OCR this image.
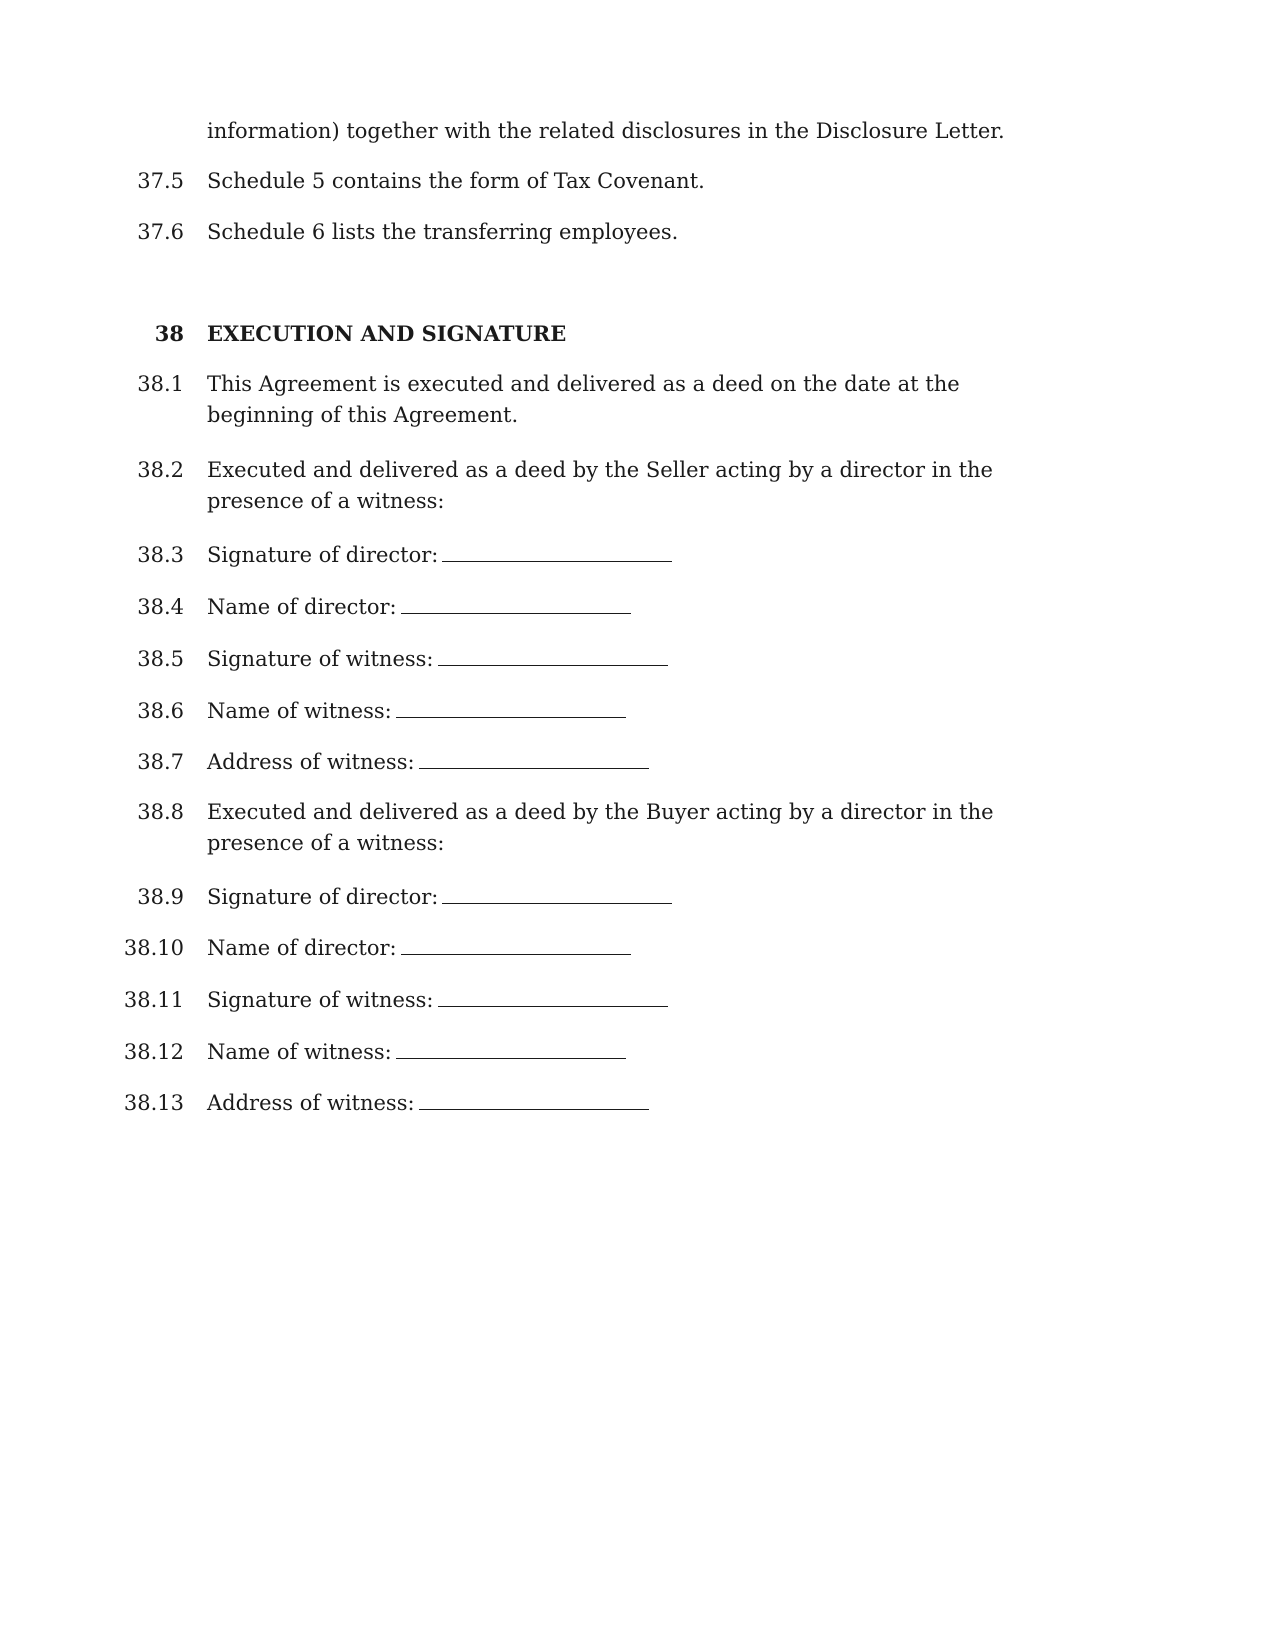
information) together with the related disclosures in the Disclosure Letter.
37.5 Schedule 5 contains the form of Tax Covenant.
37.6 Schedule 6 lists the transferring employees.
38 EXECUTION AND SIGNATURE
38.1 This Agreement is executed and delivered as a deed on the date at the beginning of this Agreement.
38.2 Executed and delivered as a deed by the Seller acting by a director in the presence of a witness:
38.3 Signature of director:
38.4 Name of director:
38.5 Signature of witness:
38.6 Name of witness:
38.7 Address of witness:
38.8 Executed and delivered as a deed by the Buyer acting by a director in the presence of a witness:
38.9 Signature of director:
38.10 Name of director:
38.11 Signature of witness:
38.12 Name of witness:
38.13 Address of witness:
